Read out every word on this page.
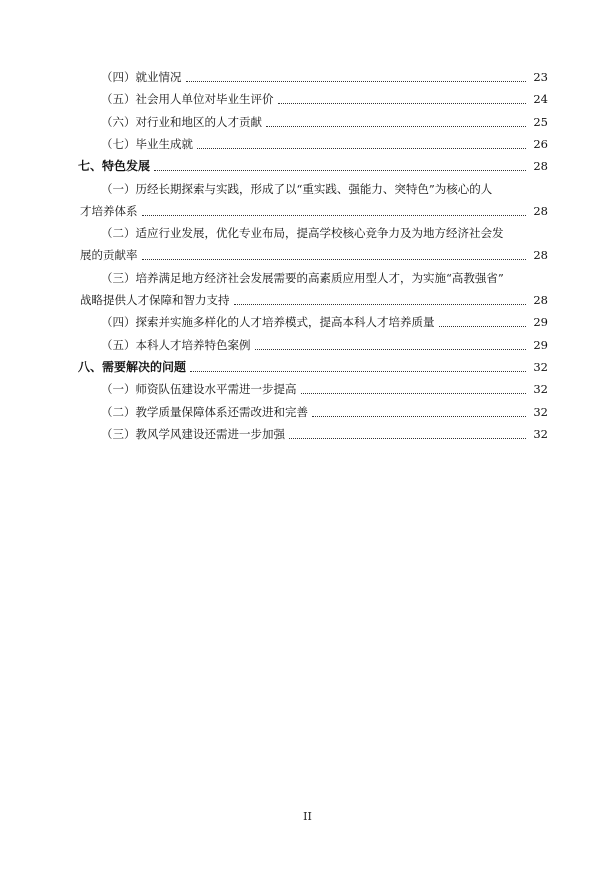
（四）就业情况	23
（五）社会用人单位对毕业生评价	24
（六）对行业和地区的人才贡献	25
（七）毕业生成就	26
七、特色发展	28
（一）历经长期探索与实践，形成了以“重实践、强能力、突特色”为核心的人
才培养体系	28
（二）适应行业发展，优化专业布局，提高学校核心竞争力及为地方经济社会发
展的贡献率	28
（三）培养满足地方经济社会发展需要的高素质应用型人才，为实施“高教强省”
战略提供人才保障和智力支持	28
（四）探索并实施多样化的人才培养模式，提高本科人才培养质量	29
（五）本科人才培养特色案例	29
八、需要解决的问题	32
（一）师资队伍建设水平需进一步提高	32
（二）教学质量保障体系还需改进和完善	32
（三）教风学风建设还需进一步加强	32
II
